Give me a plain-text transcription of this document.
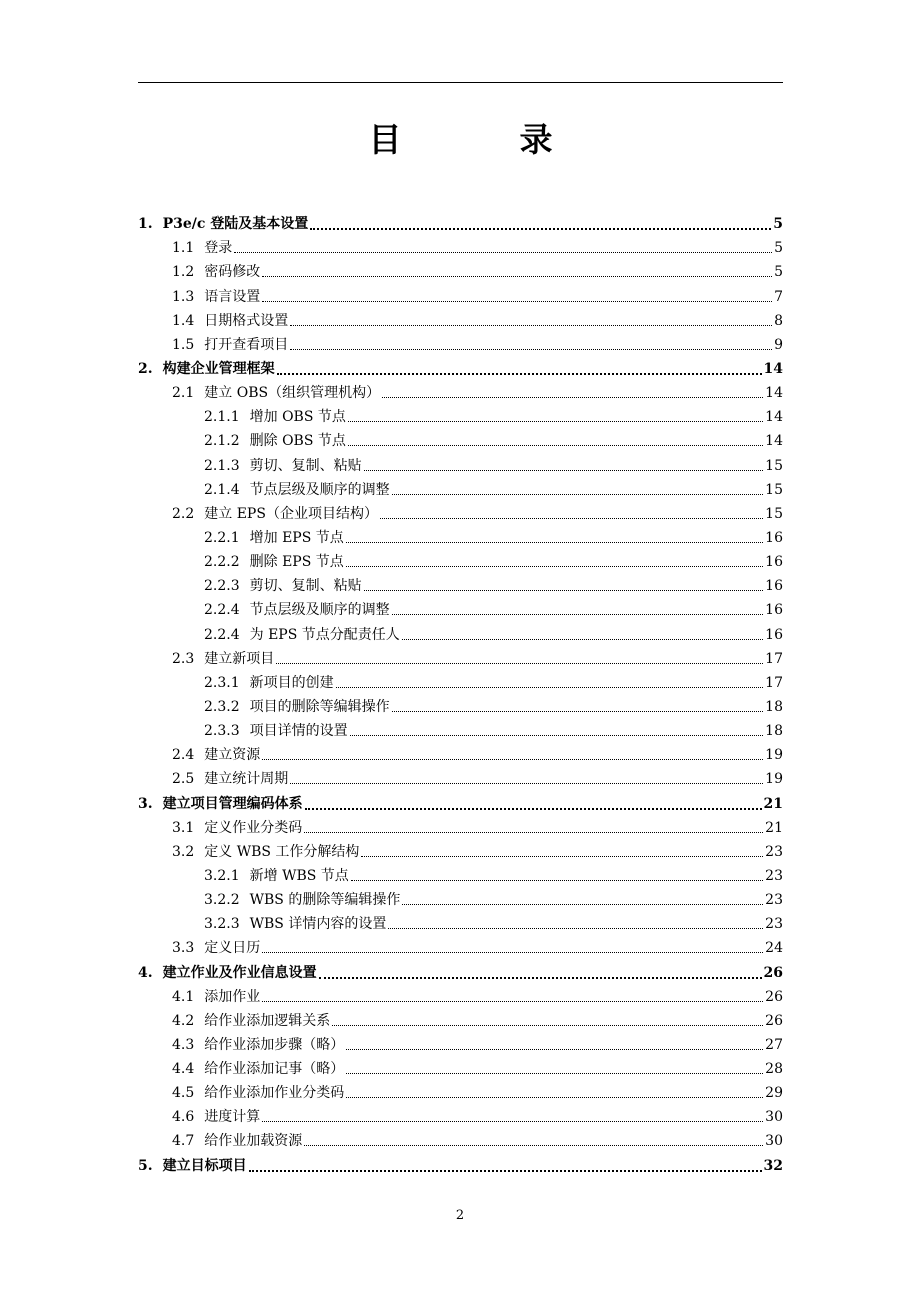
目	录
1. P3e/c 登陆及基本设置	5
1.1 登录	5
1.2 密码修改	5
1.3 语言设置	7
1.4 日期格式设置	8
1.5 打开查看项目	9
2. 构建企业管理框架	14
2.1 建立 OBS（组织管理机构）	14
2.1.1 增加 OBS 节点	14
2.1.2 删除 OBS 节点	14
2.1.3 剪切、复制、粘贴	15
2.1.4 节点层级及顺序的调整	15
2.2 建立 EPS（企业项目结构）	15
2.2.1 增加 EPS 节点	16
2.2.2 删除 EPS 节点	16
2.2.3 剪切、复制、粘贴	16
2.2.4 节点层级及顺序的调整	16
2.2.4 为 EPS 节点分配责任人	16
2.3 建立新项目	17
2.3.1 新项目的创建	17
2.3.2 项目的删除等编辑操作	18
2.3.3 项目详情的设置	18
2.4 建立资源	19
2.5 建立统计周期	19
3. 建立项目管理编码体系	21
3.1 定义作业分类码	21
3.2 定义 WBS 工作分解结构	23
3.2.1 新增 WBS 节点	23
3.2.2 WBS 的删除等编辑操作	23
3.2.3 WBS 详情内容的设置	23
3.3 定义日历	24
4. 建立作业及作业信息设置	26
4.1 添加作业	26
4.2 给作业添加逻辑关系	26
4.3 给作业添加步骤（略）	27
4.4 给作业添加记事（略）	28
4.5 给作业添加作业分类码	29
4.6 进度计算	30
4.7 给作业加载资源	30
5. 建立目标项目	32
2
